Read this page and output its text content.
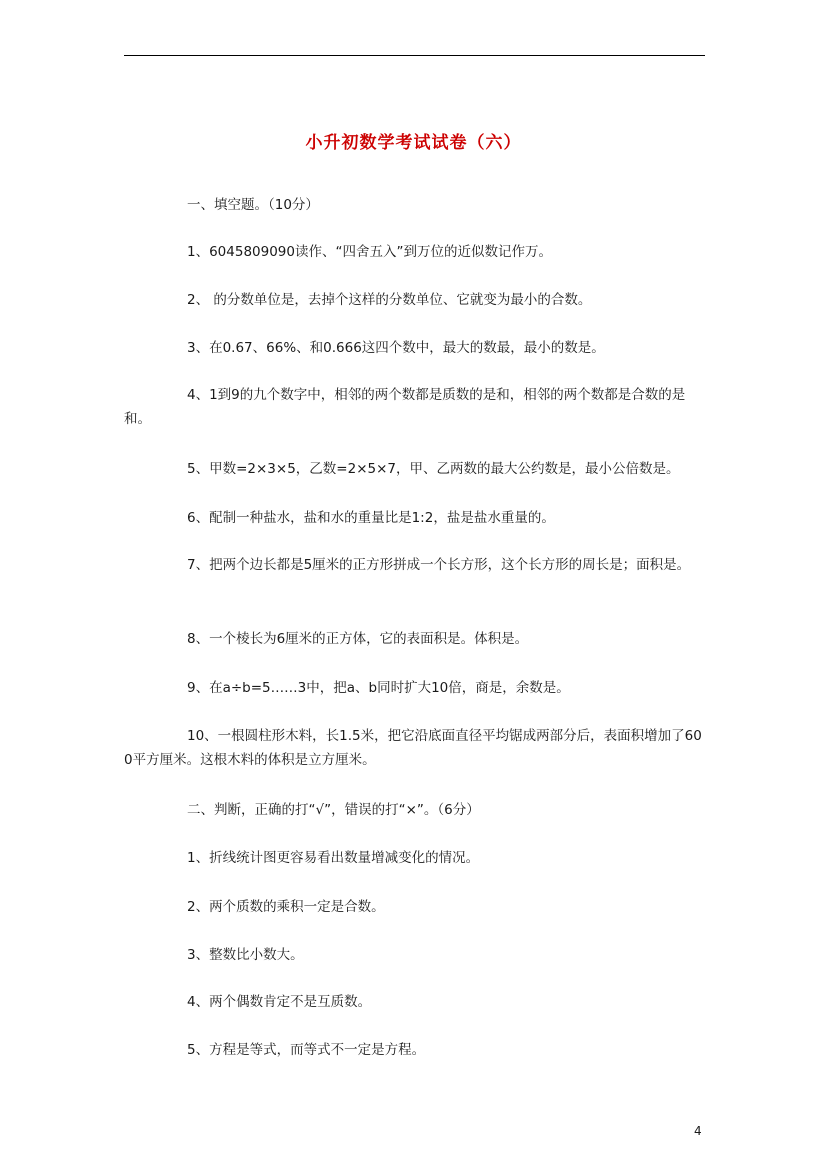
小升初数学考试试卷（六）
一、填空题。（10分）
1、6045809090读作、“四舍五入”到万位的近似数记作万。
2、 的分数单位是，去掉个这样的分数单位、它就变为最小的合数。
3、在0.67、66%、和0.666这四个数中，最大的数最，最小的数是。
4、1到9的九个数字中，相邻的两个数都是质数的是和，相邻的两个数都是合数的是和。
5、甲数=2×3×5，乙数=2×5×7，甲、乙两数的最大公约数是，最小公倍数是。
6、配制一种盐水，盐和水的重量比是1:2，盐是盐水重量的。
7、把两个边长都是5厘米的正方形拼成一个长方形，这个长方形的周长是；面积是。
8、一个棱长为6厘米的正方体，它的表面积是。体积是。
9、在a÷b=5……3中，把a、b同时扩大10倍，商是，余数是。
10、一根圆柱形木料，长1.5米，把它沿底面直径平均锯成两部分后，表面积增加了600平方厘米。这根木料的体积是立方厘米。
二、判断，正确的打“√”，错误的打“×”。（6分）
1、折线统计图更容易看出数量增减变化的情况。
2、两个质数的乘积一定是合数。
3、整数比小数大。
4、两个偶数肯定不是互质数。
5、方程是等式，而等式不一定是方程。
4
